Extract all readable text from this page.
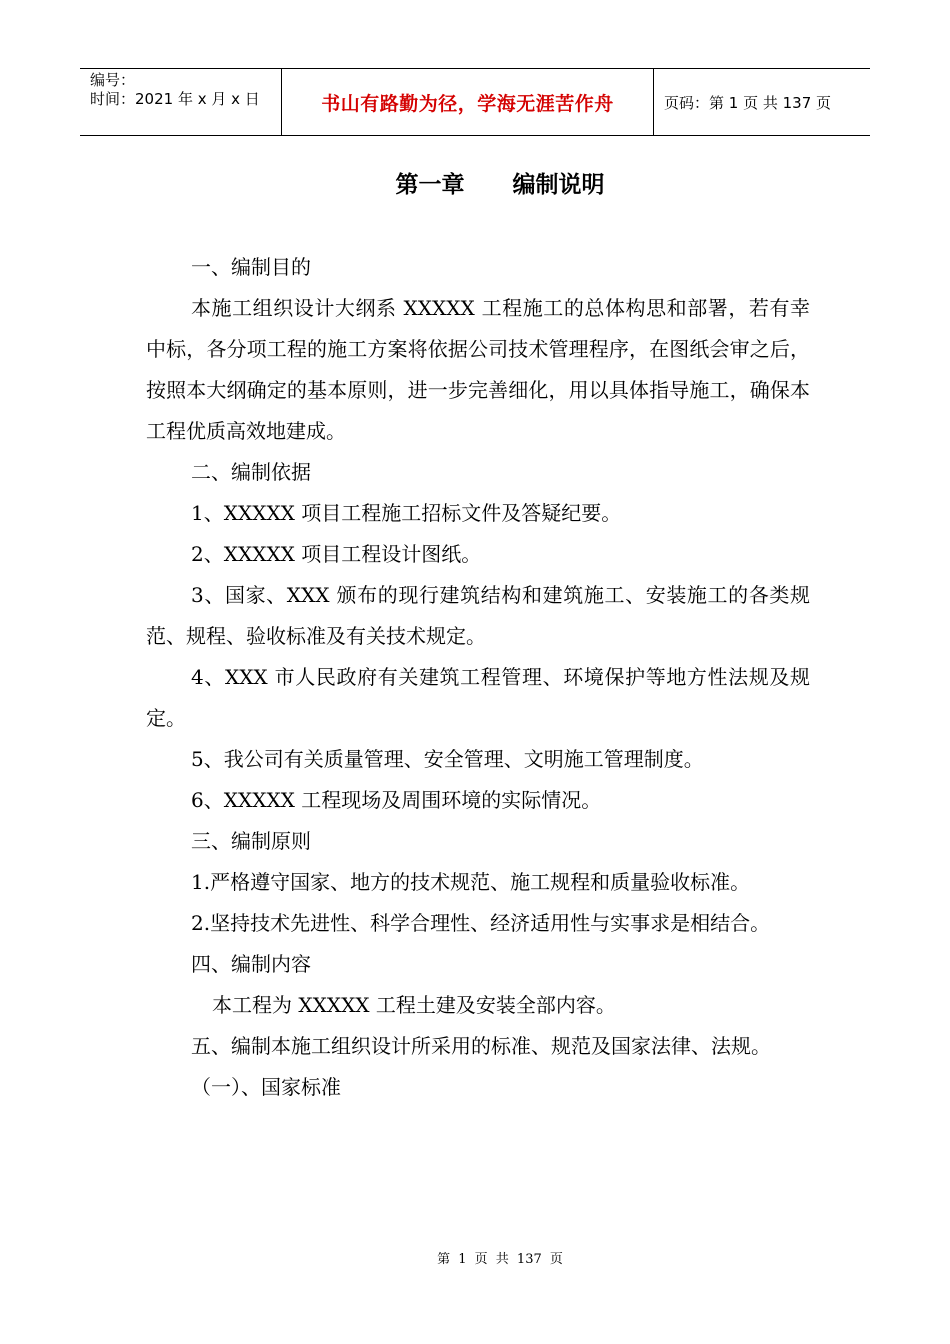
编号：
时间：2021 年 x 月 x 日	书山有路勤为径，学海无涯苦作舟	页码：第 1 页 共 137 页
第一章      编制说明

一、编制目的

本施工组织设计大纲系 XXXXX 工程施工的总体构思和部署，若有幸中标，各分项工程的施工方案将依据公司技术管理程序，在图纸会审之后，按照本大纲确定的基本原则，进一步完善细化，用以具体指导施工，确保本工程优质高效地建成。

二、编制依据

1、XXXXX 项目工程施工招标文件及答疑纪要。

2、XXXXX 项目工程设计图纸。

3、国家、XXX 颁布的现行建筑结构和建筑施工、安装施工的各类规范、规程、验收标准及有关技术规定。

4、XXX 市人民政府有关建筑工程管理、环境保护等地方性法规及规定。

5、我公司有关质量管理、安全管理、文明施工管理制度。

6、XXXXX 工程现场及周围环境的实际情况。

三、编制原则

1.严格遵守国家、地方的技术规范、施工规程和质量验收标准。

2.坚持技术先进性、科学合理性、经济适用性与实事求是相结合。

四、编制内容

本工程为 XXXXX 工程土建及安装全部内容。

五、编制本施工组织设计所采用的标准、规范及国家法律、法规。

（一）、国家标准

第 1 页 共 137 页
